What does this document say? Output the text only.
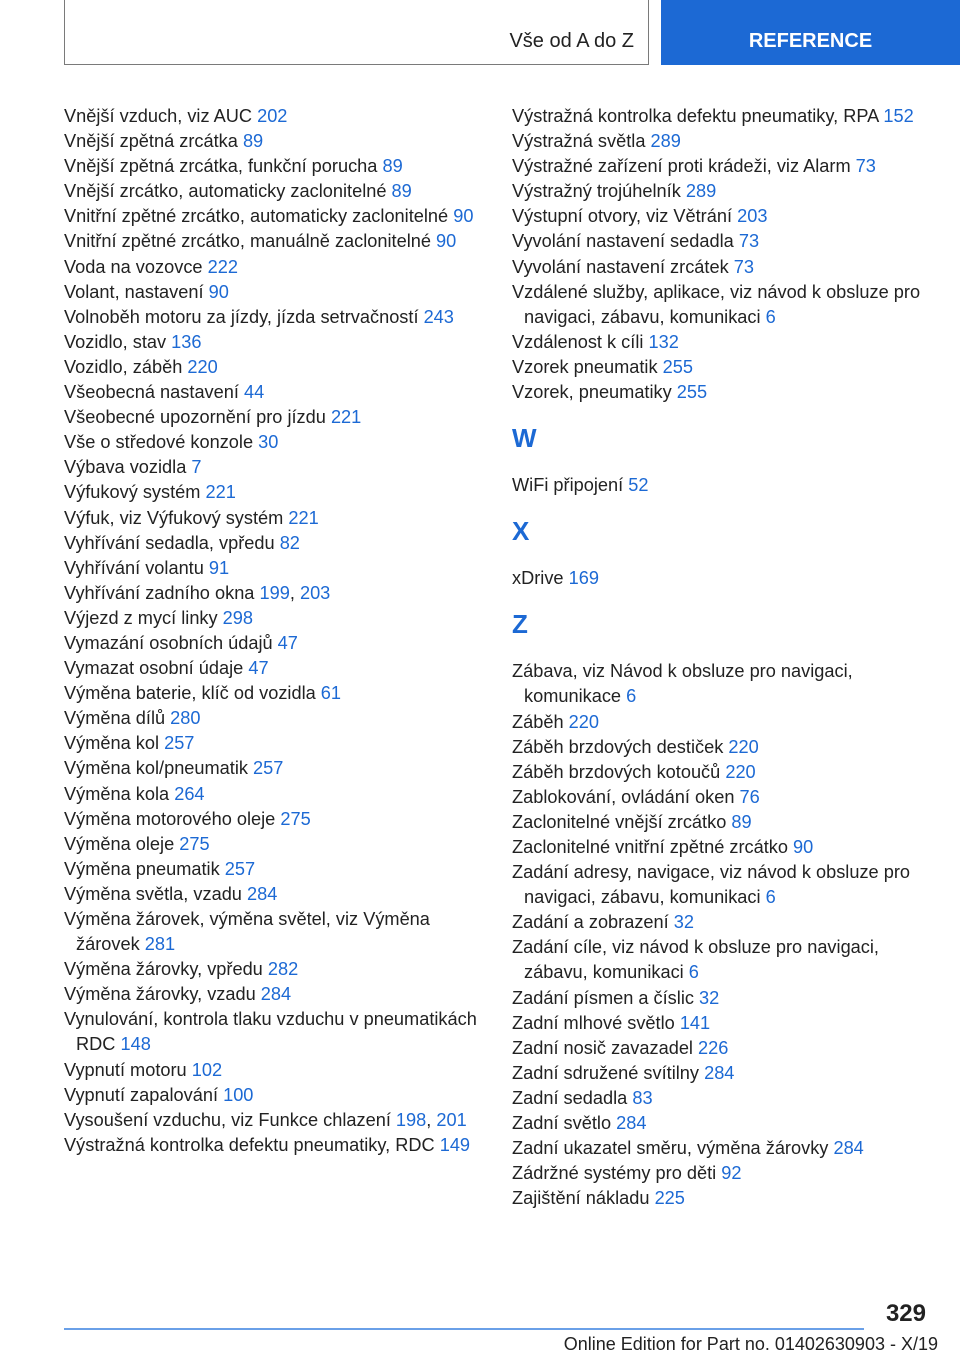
Vše od A do Z	REFERENCE
Vnější vzduch, viz AUC 202
Vnější zpětná zrcátka 89
Vnější zpětná zrcátka, funkční porucha 89
Vnější zrcátko, automaticky zaclonitelné 89
Vnitřní zpětné zrcátko, automaticky zaclonitelné 90
Vnitřní zpětné zrcátko, manuálně zaclonitelné 90
Voda na vozovce 222
Volant, nastavení 90
Volnoběh motoru za jízdy, jízda setrvačností 243
Vozidlo, stav 136
Vozidlo, záběh 220
Všeobecná nastavení 44
Všeobecné upozornění pro jízdu 221
Vše o středové konzole 30
Výbava vozidla 7
Výfukový systém 221
Výfuk, viz Výfukový systém 221
Vyhřívání sedadla, vpředu 82
Vyhřívání volantu 91
Vyhřívání zadního okna 199, 203
Výjezd z mycí linky 298
Vymazání osobních údajů 47
Vymazat osobní údaje 47
Výměna baterie, klíč od vozidla 61
Výměna dílů 280
Výměna kol 257
Výměna kol/pneumatik 257
Výměna kola 264
Výměna motorového oleje 275
Výměna oleje 275
Výměna pneumatik 257
Výměna světla, vzadu 284
Výměna žárovek, výměna světel, viz Výměna žárovek 281
Výměna žárovky, vpředu 282
Výměna žárovky, vzadu 284
Vynulování, kontrola tlaku vzduchu v pneumatikách RDC 148
Vypnutí motoru 102
Vypnutí zapalování 100
Vysoušení vzduchu, viz Funkce chlazení 198, 201
Výstražná kontrolka defektu pneumatiky, RDC 149
Výstražná kontrolka defektu pneumatiky, RPA 152
Výstražná světla 289
Výstražné zařízení proti krádeži, viz Alarm 73
Výstražný trojúhelník 289
Výstupní otvory, viz Větrání 203
Vyvolání nastavení sedadla 73
Vyvolání nastavení zrcátek 73
Vzdálené služby, aplikace, viz návod k obsluze pro navigaci, zábavu, komunikaci 6
Vzdálenost k cíli 132
Vzorek pneumatik 255
Vzorek, pneumatiky 255
W
WiFi připojení 52
X
xDrive 169
Z
Zábava, viz Návod k obsluze pro navigaci, komunikace 6
Záběh 220
Záběh brzdových destiček 220
Záběh brzdových kotoučů 220
Zablokování, ovládání oken 76
Zaclonitelné vnější zrcátko 89
Zaclonitelné vnitřní zpětné zrcátko 90
Zadání adresy, navigace, viz návod k obsluze pro navigaci, zábavu, komunikaci 6
Zadání a zobrazení 32
Zadání cíle, viz návod k obsluze pro navigaci, zábavu, komunikaci 6
Zadání písmen a číslic 32
Zadní mlhové světlo 141
Zadní nosič zavazadel 226
Zadní sdružené svítilny 284
Zadní sedadla 83
Zadní světlo 284
Zadní ukazatel směru, výměna žárovky 284
Zádržné systémy pro děti 92
Zajištění nákladu 225
329
Online Edition for Part no. 01402630903 - X/19
